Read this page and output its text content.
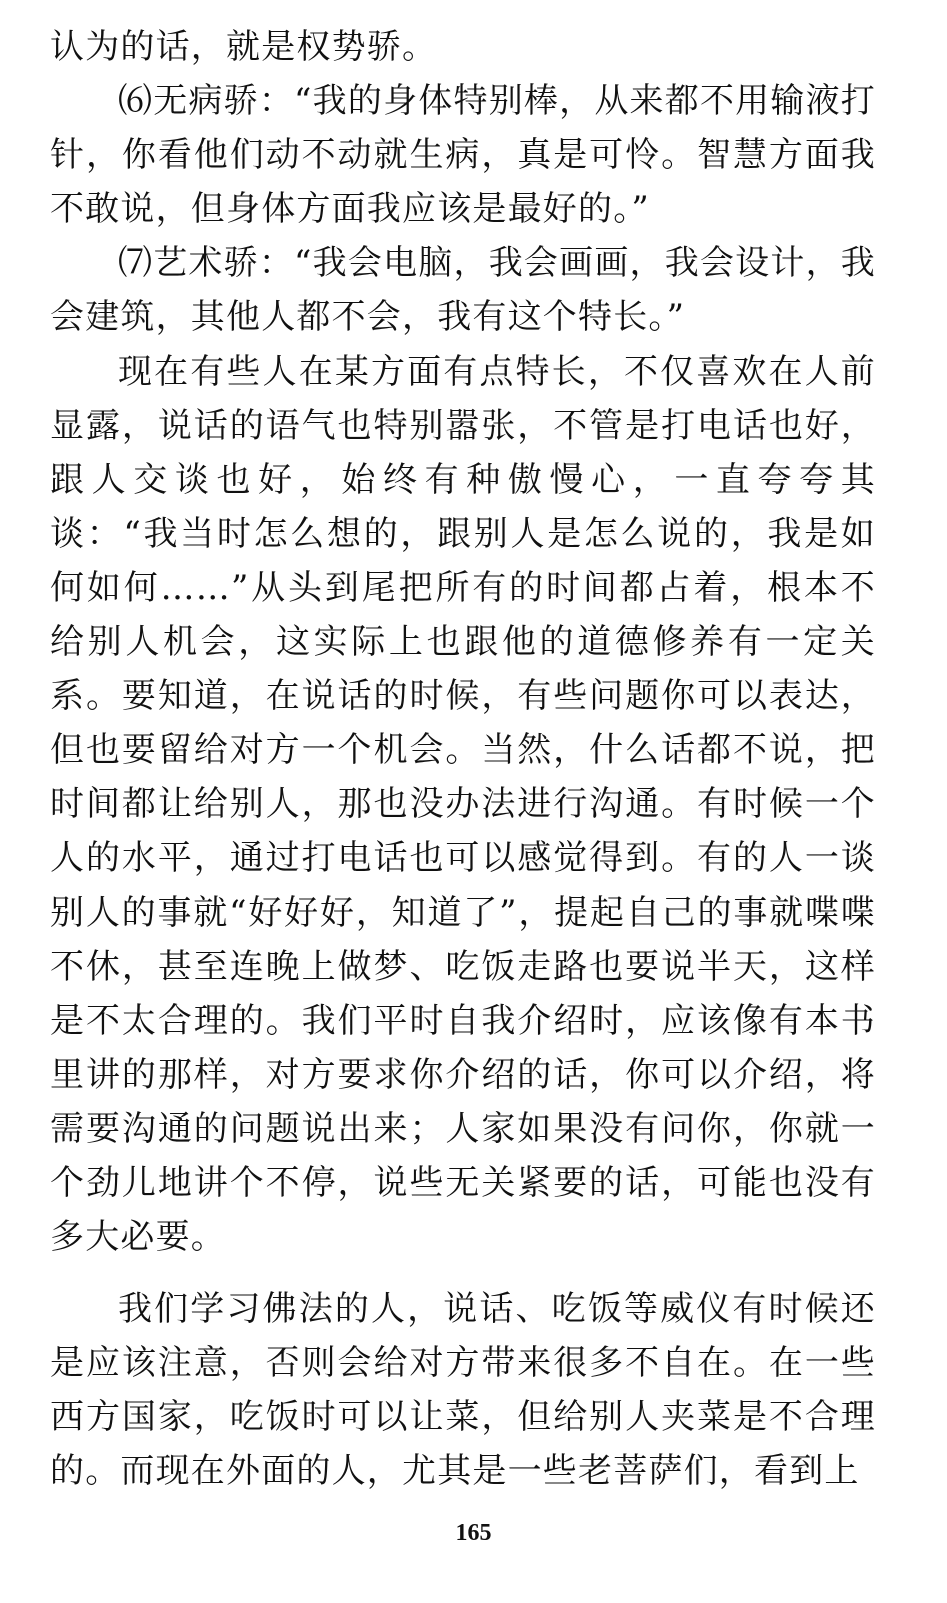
认为的话，就是权势骄。

⑹无病骄：“我的身体特别棒，从来都不用输液打针，你看他们动不动就生病，真是可怜。智慧方面我不敢说，但身体方面我应该是最好的。”

⑺艺术骄：“我会电脑，我会画画，我会设计，我会建筑，其他人都不会，我有这个特长。”

现在有些人在某方面有点特长，不仅喜欢在人前显露，说话的语气也特别嚣张，不管是打电话也好，跟人交谈也好，始终有种傲慢心，一直夸夸其谈：“我当时怎么想的，跟别人是怎么说的，我是如何如何……”从头到尾把所有的时间都占着，根本不给别人机会，这实际上也跟他的道德修养有一定关系。要知道，在说话的时候，有些问题你可以表达，但也要留给对方一个机会。当然，什么话都不说，把时间都让给别人，那也没办法进行沟通。有时候一个人的水平，通过打电话也可以感觉得到。有的人一谈别人的事就“好好好，知道了”，提起自己的事就喋喋不休，甚至连晚上做梦、吃饭走路也要说半天，这样是不太合理的。我们平时自我介绍时，应该像有本书里讲的那样，对方要求你介绍的话，你可以介绍，将需要沟通的问题说出来；人家如果没有问你，你就一个劲儿地讲个不停，说些无关紧要的话，可能也没有多大必要。

我们学习佛法的人，说话、吃饭等威仪有时候还是应该注意，否则会给对方带来很多不自在。在一些西方国家，吃饭时可以让菜，但给别人夹菜是不合理的。而现在外面的人，尤其是一些老菩萨们，看到上

165
